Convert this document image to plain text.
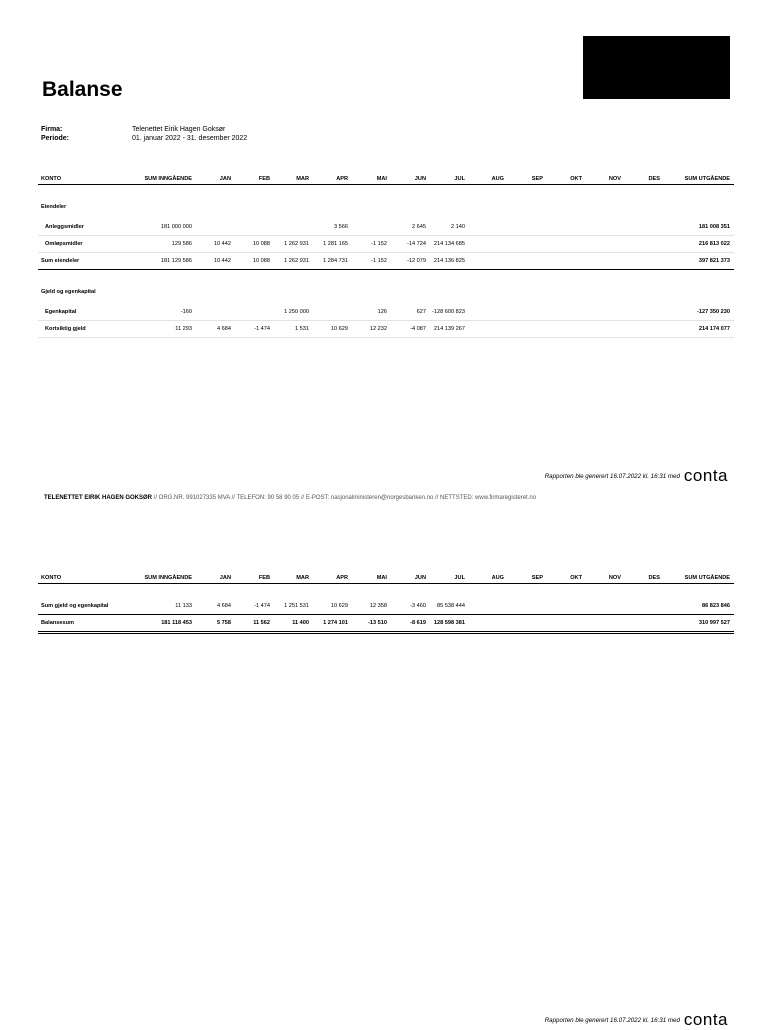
Balanse
Firma:	Telenettet Eirik Hagen Goksør
Periode:	01. januar 2022 - 31. desember 2022
KONTO	SUM INNGÅENDE	JAN	FEB	MAR	APR	MAI	JUN	JUL	AUG	SEP	OKT	NOV	DES	SUM UTGÅENDE
Eiendeler														
Anleggsmidler	181 000 000				3 566		2 645	2 140						181 008 351
Omløpsmidler	129 586	10 442	10 088	1 262 931	1 281 165	-1 152	-14 724	214 134 685						216 813 022
Sum eiendeler	181 129 586	10 442	10 088	1 262 931	1 284 731	-1 152	-12 079	214 136 825						397 821 373
Gjeld og egenkapital														
Egenkapital	-160			1 250 000		126	627	-128 600 823						-127 350 230
Kortsiktig gjeld	11 293	4 684	-1 474	1 531	10 629	12 232	-4 087	214 139 267						214 174 077
Rapporten ble generert 16.07.2022 kl. 16:31 med conta
TELENETTET EIRIK HAGEN GOKSØR // ORG.NR. 991027335 MVA // TELEFON: 90 58 90 05 // E-POST: nasjonalministeren@norgesbanken.no // NETTSTED: www.firmaregisteret.no
KONTO	SUM INNGÅENDE	JAN	FEB	MAR	APR	MAI	JUN	JUL	AUG	SEP	OKT	NOV	DES	SUM UTGÅENDE

Sum gjeld og egenkapital	11 133	4 684	-1 474	1 251 531	10 629	12 358	-3 460	85 538 444						86 823 846
Balansesum	181 118 453	5 758	11 562	11 400	1 274 101	-13 510	-8 619	128 598 381						310 997 527
Rapporten ble generert 16.07.2022 kl. 16:31 med conta
